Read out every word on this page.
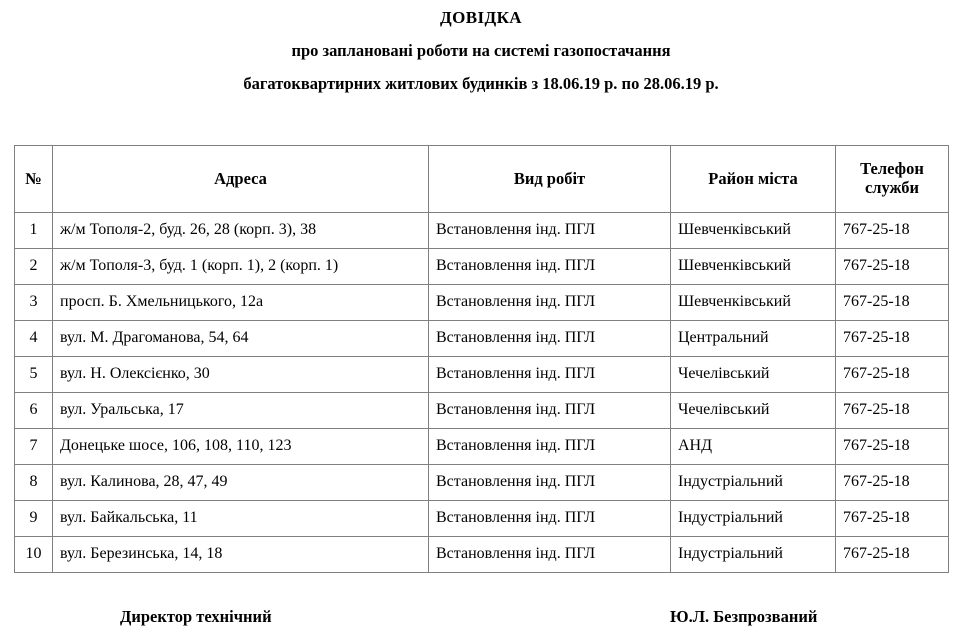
ДОВІДКА
про заплановані роботи на системі газопостачання
багатоквартирних житлових будинків з 18.06.19 р. по 28.06.19 р.
№	Адреса	Вид робіт	Район міста	Телефон
служби

1	ж/м Тополя-2, буд. 26, 28 (корп. 3), 38	Встановлення інд. ПГЛ	Шевченківський	767-25-18
2	ж/м Тополя-3, буд. 1 (корп. 1), 2 (корп. 1)	Встановлення інд. ПГЛ	Шевченківський	767-25-18
3	просп. Б. Хмельницького, 12а	Встановлення інд. ПГЛ	Шевченківський	767-25-18
4	вул. М. Драгоманова, 54, 64	Встановлення інд. ПГЛ	Центральний	767-25-18
5	вул. Н. Олексієнко, 30	Встановлення інд. ПГЛ	Чечелівський	767-25-18
6	вул. Уральська, 17	Встановлення інд. ПГЛ	Чечелівський	767-25-18
7	Донецьке шосе, 106, 108, 110, 123	Встановлення інд. ПГЛ	АНД	767-25-18
8	вул. Калинова, 28, 47, 49	Встановлення інд. ПГЛ	Індустріальний	767-25-18
9	вул. Байкальська, 11	Встановлення інд. ПГЛ	Індустріальний	767-25-18
10	вул. Березинська, 14, 18	Встановлення інд. ПГЛ	Індустріальний	767-25-18
Директор технічний	Ю.Л. Безпрозваний
